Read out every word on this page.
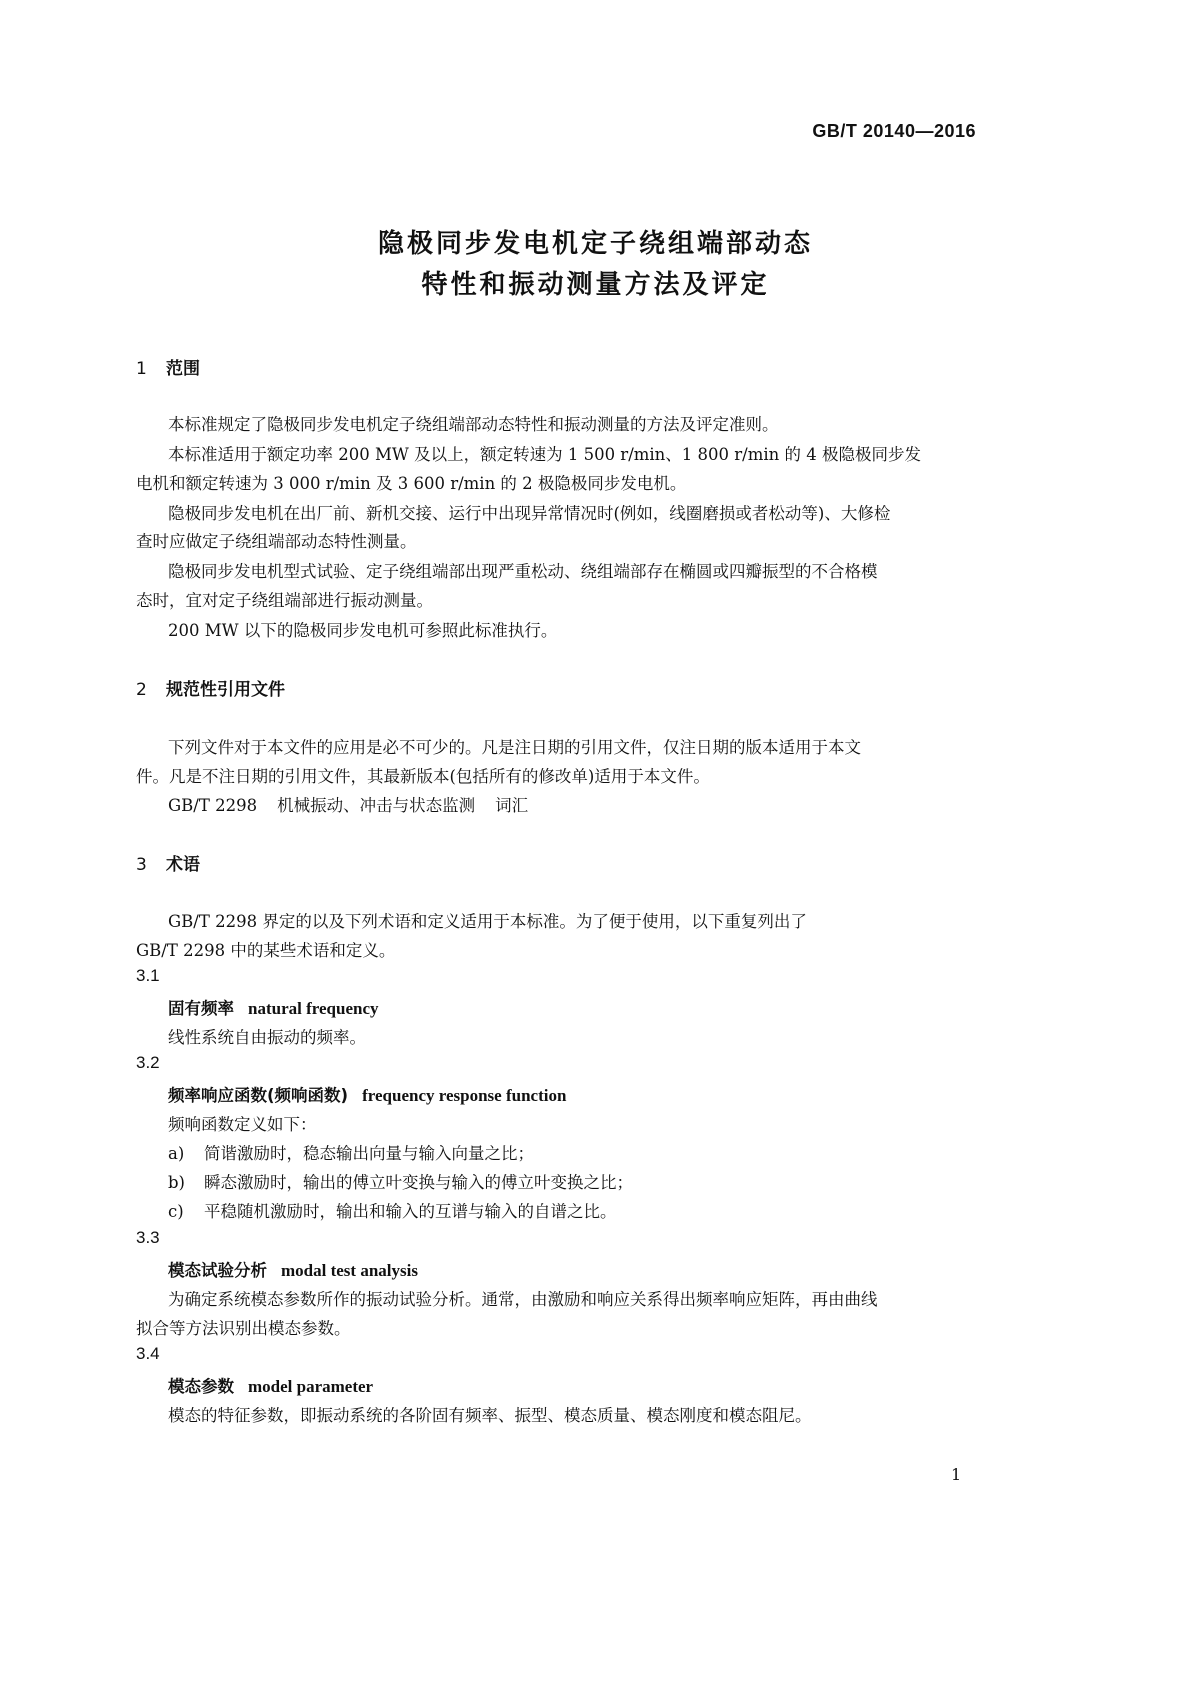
GB/T 20140—2016
隐极同步发电机定子绕组端部动态
特性和振动测量方法及评定
1 范围
本标准规定了隐极同步发电机定子绕组端部动态特性和振动测量的方法及评定准则。
本标准适用于额定功率 200 MW 及以上，额定转速为 1 500 r/min、1 800 r/min 的 4 极隐极同步发
电机和额定转速为 3 000 r/min 及 3 600 r/min 的 2 极隐极同步发电机。
隐极同步发电机在出厂前、新机交接、运行中出现异常情况时(例如，线圈磨损或者松动等)、大修检
查时应做定子绕组端部动态特性测量。
隐极同步发电机型式试验、定子绕组端部出现严重松动、绕组端部存在椭圆或四瓣振型的不合格模
态时，宜对定子绕组端部进行振动测量。
200 MW 以下的隐极同步发电机可参照此标准执行。
2 规范性引用文件
下列文件对于本文件的应用是必不可少的。凡是注日期的引用文件，仅注日期的版本适用于本文
件。凡是不注日期的引用文件，其最新版本(包括所有的修改单)适用于本文件。
GB/T 2298 机械振动、冲击与状态监测 词汇
3 术语
GB/T 2298 界定的以及下列术语和定义适用于本标准。为了便于使用，以下重复列出了
GB/T 2298 中的某些术语和定义。
3.1
固有频率 natural frequency
线性系统自由振动的频率。
3.2
频率响应函数(频响函数) frequency response function
频响函数定义如下：
a) 简谐激励时，稳态输出向量与输入向量之比；
b) 瞬态激励时，输出的傅立叶变换与输入的傅立叶变换之比；
c) 平稳随机激励时，输出和输入的互谱与输入的自谱之比。
3.3
模态试验分析 modal test analysis
为确定系统模态参数所作的振动试验分析。通常，由激励和响应关系得出频率响应矩阵，再由曲线
拟合等方法识别出模态参数。
3.4
模态参数 model parameter
模态的特征参数，即振动系统的各阶固有频率、振型、模态质量、模态刚度和模态阻尼。
1
